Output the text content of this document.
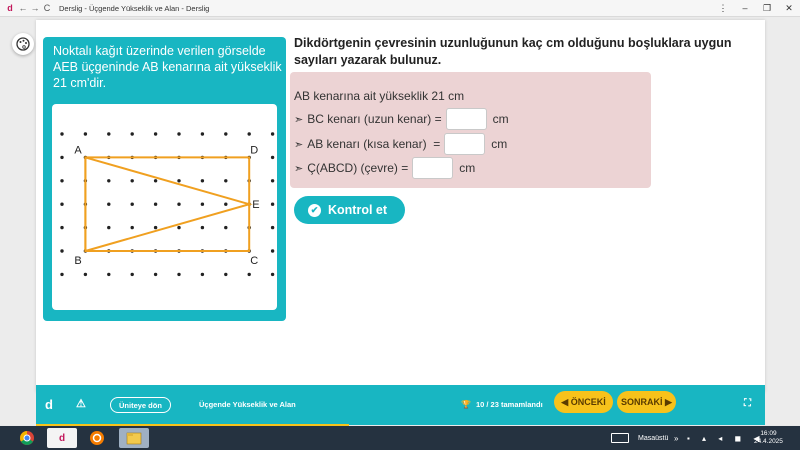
d ← → C	Derslig - Üçgende Yükseklik ve Alan - Derslig	⋮	–	❐	✕
Noktalı kağıt üzerinde verilen görselde AEB üçgeninde AB kenarına ait yükseklik 21 cm'dir.
A	D
E
B	C
Dikdörtgenin çevresinin uzunluğunun kaç cm olduğunu boşluklara uygun sayıları yazarak bulunuz.
AB kenarına ait yükseklik 21 cm
➣ BC kenarı (uzun kenar) =	cm
➣ AB kenarı (kısa kenar)  =	cm
➣ Ç(ABCD) (çevre) =	cm
✔ Kontrol et
d ⚠	Üniteye dön	Üçgende Yükseklik ve Alan	🏆 10 / 23 tamamlandı	◀ ÖNCEKİ	SONRAKİ ▶	⛶
d	Masaüstü » ▪ ▴ ◂ ◼ ◀
16:09
24.4.2025
